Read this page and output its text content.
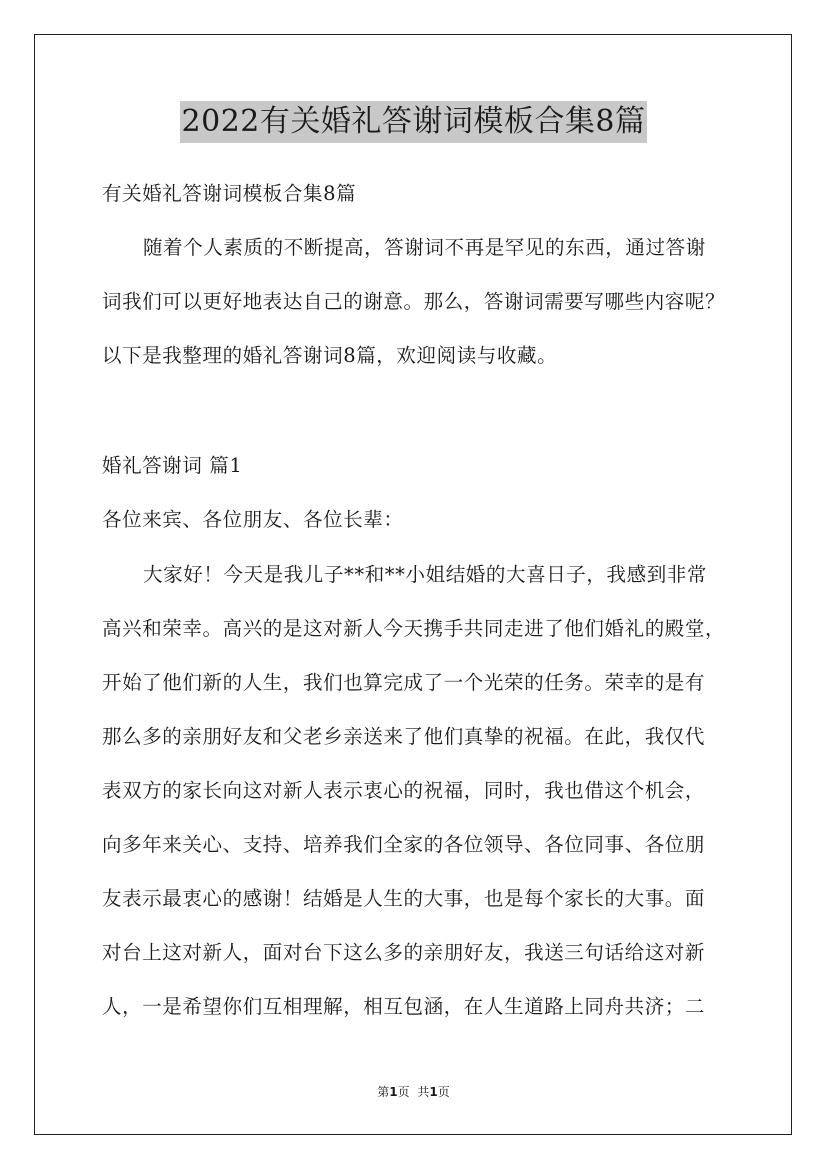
2022有关婚礼答谢词模板合集8篇
有关婚礼答谢词模板合集8篇
随着个人素质的不断提高，答谢词不再是罕见的东西，通过答谢
词我们可以更好地表达自己的谢意。那么，答谢词需要写哪些内容呢？
以下是我整理的婚礼答谢词8篇，欢迎阅读与收藏。
婚礼答谢词 篇1
各位来宾、各位朋友、各位长辈：
大家好！今天是我儿子**和**小姐结婚的大喜日子，我感到非常
高兴和荣幸。高兴的是这对新人今天携手共同走进了他们婚礼的殿堂，
开始了他们新的人生，我们也算完成了一个光荣的任务。荣幸的是有
那么多的亲朋好友和父老乡亲送来了他们真挚的祝福。在此，我仅代
表双方的家长向这对新人表示衷心的祝福，同时，我也借这个机会，
向多年来关心、支持、培养我们全家的各位领导、各位同事、各位朋
友表示最衷心的感谢！结婚是人生的大事，也是每个家长的大事。面
对台上这对新人，面对台下这么多的亲朋好友，我送三句话给这对新
人，一是希望你们互相理解，相互包涵，在人生道路上同舟共济；二
第1页 共1页
